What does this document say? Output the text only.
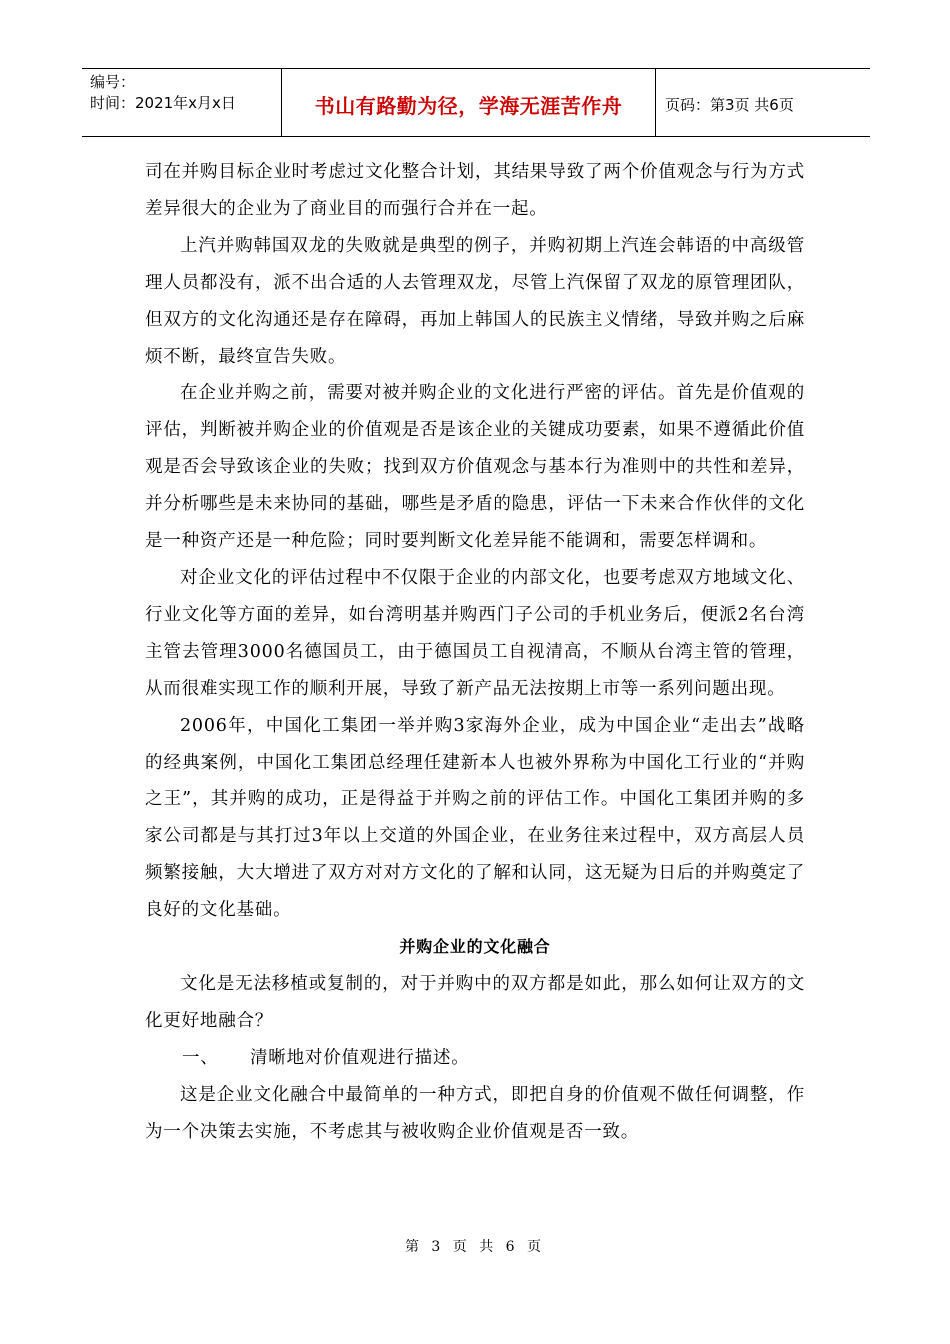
编号：
时间：2021年x月x日	书山有路勤为径，学海无涯苦作舟	页码：第3页 共6页

司在并购目标企业时考虑过文化整合计划，其结果导致了两个价值观念与行为方式差异很大的企业为了商业目的而强行合并在一起。

上汽并购韩国双龙的失败就是典型的例子，并购初期上汽连会韩语的中高级管理人员都没有，派不出合适的人去管理双龙，尽管上汽保留了双龙的原管理团队，但双方的文化沟通还是存在障碍，再加上韩国人的民族主义情绪，导致并购之后麻烦不断，最终宣告失败。

在企业并购之前，需要对被并购企业的文化进行严密的评估。首先是价值观的评估，判断被并购企业的价值观是否是该企业的关键成功要素，如果不遵循此价值观是否会导致该企业的失败；找到双方价值观念与基本行为准则中的共性和差异，并分析哪些是未来协同的基础，哪些是矛盾的隐患，评估一下未来合作伙伴的文化是一种资产还是一种危险；同时要判断文化差异能不能调和，需要怎样调和。

对企业文化的评估过程中不仅限于企业的内部文化，也要考虑双方地域文化、行业文化等方面的差异，如台湾明基并购西门子公司的手机业务后，便派2名台湾主管去管理3000名德国员工，由于德国员工自视清高，不顺从台湾主管的管理，从而很难实现工作的顺利开展，导致了新产品无法按期上市等一系列问题出现。

2006年，中国化工集团一举并购3家海外企业，成为中国企业“走出去”战略的经典案例，中国化工集团总经理任建新本人也被外界称为中国化工行业的“并购之王”，其并购的成功，正是得益于并购之前的评估工作。中国化工集团并购的多家公司都是与其打过3年以上交道的外国企业，在业务往来过程中，双方高层人员频繁接触，大大增进了双方对对方文化的了解和认同，这无疑为日后的并购奠定了良好的文化基础。

并购企业的文化融合

文化是无法移植或复制的，对于并购中的双方都是如此，那么如何让双方的文化更好地融合？

一、	清晰地对价值观进行描述。

这是企业文化融合中最简单的一种方式，即把自身的价值观不做任何调整，作为一个决策去实施，不考虑其与被收购企业价值观是否一致。

第 3 页 共 6 页
